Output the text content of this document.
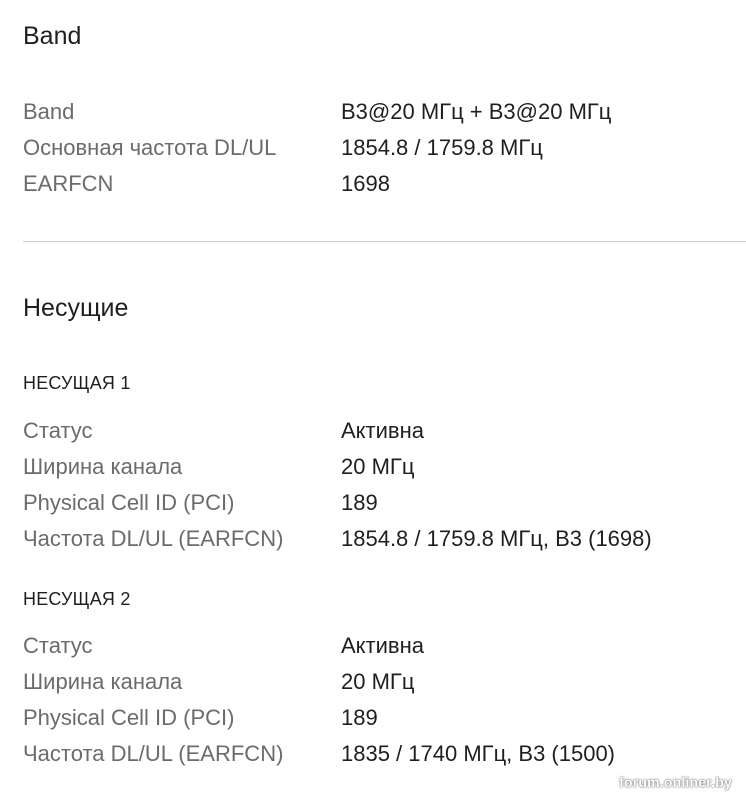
Band
Band	B3@20 МГц + B3@20 МГц
Основная частота DL/UL	1854.8 / 1759.8 МГц
EARFCN	1698
Несущие
НЕСУЩАЯ 1
Статус	Активна
Ширина канала	20 МГц
Physical Cell ID (PCI)	189
Частота DL/UL (EARFCN)	1854.8 / 1759.8 МГц, B3 (1698)
НЕСУЩАЯ 2
Статус	Активна
Ширина канала	20 МГц
Physical Cell ID (PCI)	189
Частота DL/UL (EARFCN)	1835 / 1740 МГц, B3 (1500)
forum.onliner.by
